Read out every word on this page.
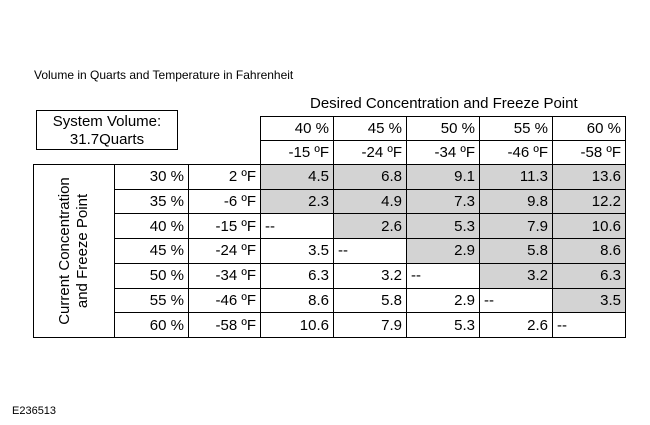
Volume in Quarts and Temperature in Fahrenheit
Desired Concentration and Freeze Point
			40 %	45 %	50 %	55 %	60 %
			-15 ºF	-24 ºF	-34 ºF	-46 ºF	-58 ºF

Current Concentration and Freeze Point	30 %	2 ºF	4.5	6.8	9.1	11.3	13.6
	35 %	-6 ºF	2.3	4.9	7.3	9.8	12.2
	40 %	-15 ºF	--	2.6	5.3	7.9	10.6
	45 %	-24 ºF	3.5	--	2.9	5.8	8.6
	50 %	-34 ºF	6.3	3.2	--	3.2	6.3
	55 %	-46 ºF	8.6	5.8	2.9	--	3.5
	60 %	-58 ºF	10.6	7.9	5.3	2.6	--
System Volume:
31.7Quarts
E236513
